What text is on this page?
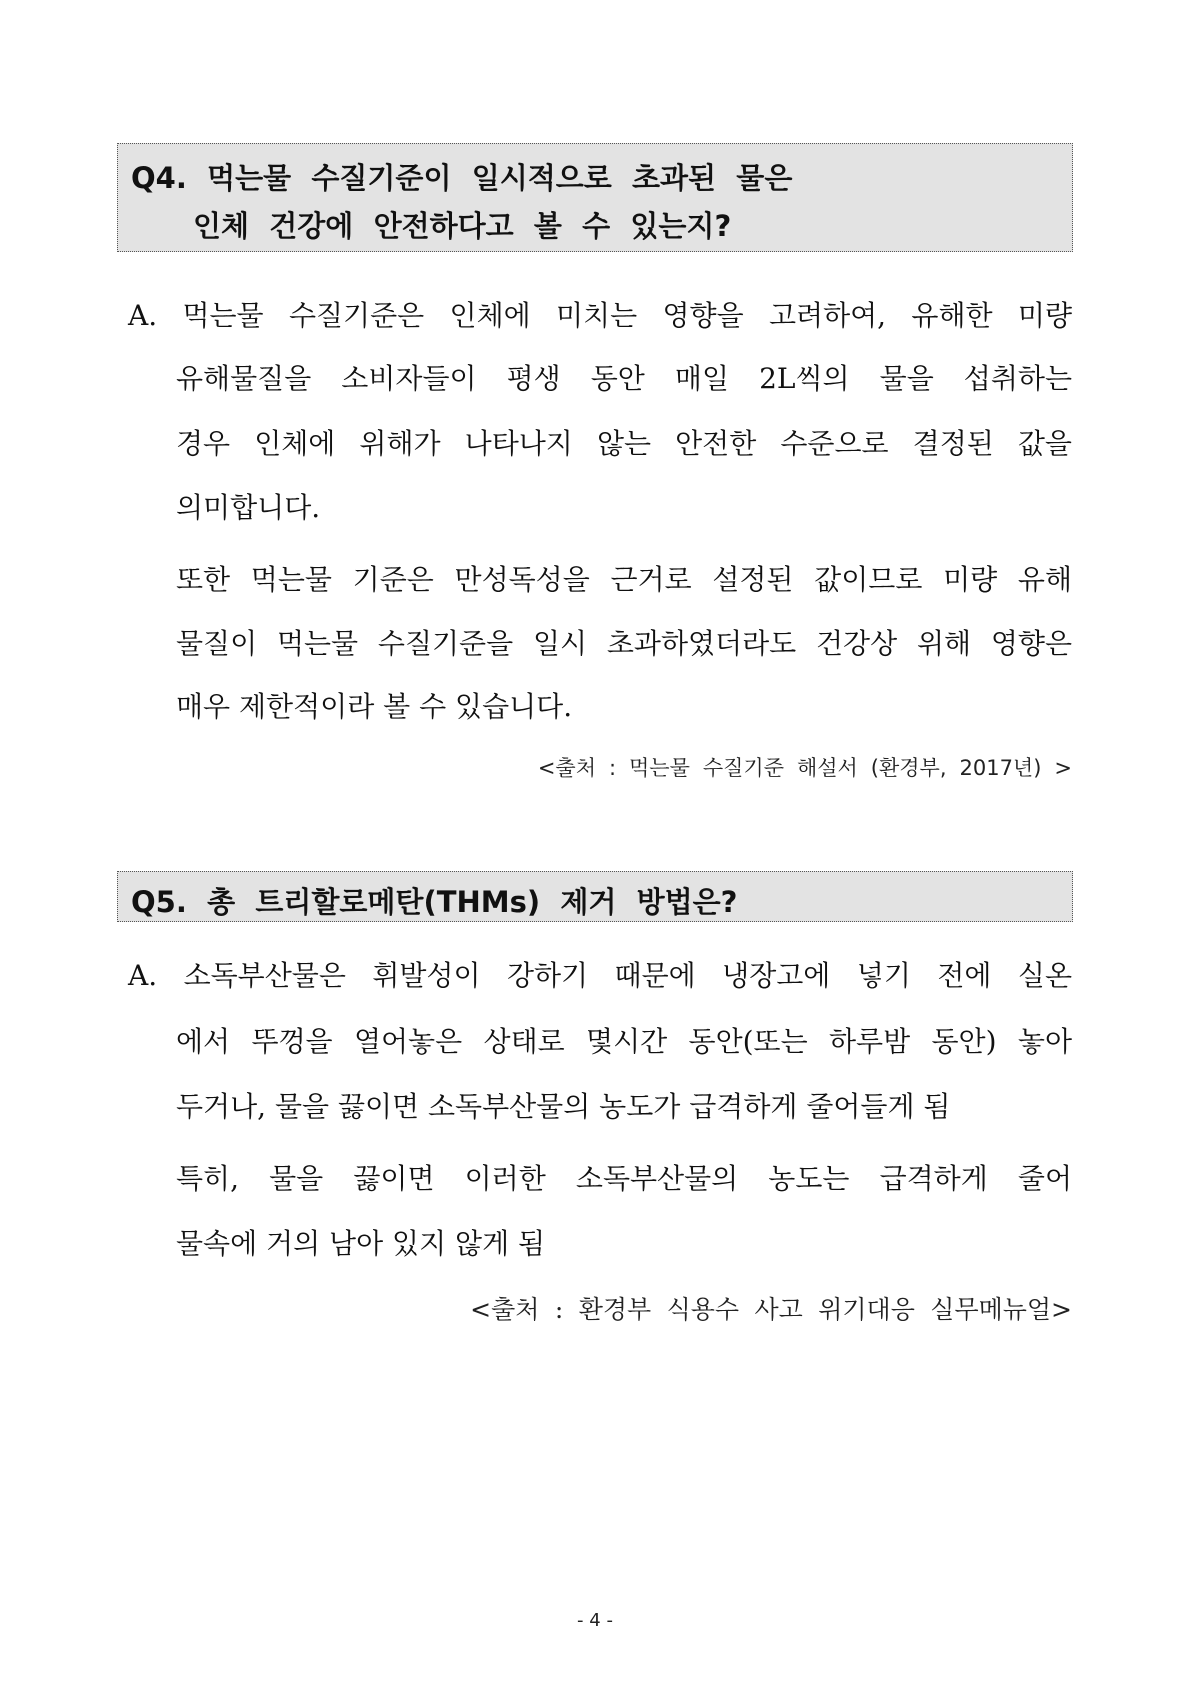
Q4. 먹는물 수질기준이 일시적으로 초과된 물은
인체 건강에 안전하다고 볼 수 있는지?
A. 먹는물 수질기준은 인체에 미치는 영향을 고려하여, 유해한 미량
유해물질을 소비자들이 평생 동안 매일 2L씩의 물을 섭취하는
경우 인체에 위해가 나타나지 않는 안전한 수준으로 결정된 값을
의미합니다.
또한 먹는물 기준은 만성독성을 근거로 설정된 값이므로 미량 유해
물질이 먹는물 수질기준을 일시 초과하였더라도 건강상 위해 영향은
매우 제한적이라 볼 수 있습니다.
<출처 : 먹는물 수질기준 해설서 (환경부, 2017년) >
Q5. 총 트리할로메탄(THMs) 제거 방법은?
A. 소독부산물은 휘발성이 강하기 때문에 냉장고에 넣기 전에 실온
에서 뚜껑을 열어놓은 상태로 몇시간 동안(또는 하루밤 동안) 놓아
두거나, 물을 끓이면 소독부산물의 농도가 급격하게 줄어들게 됨
특히, 물을 끓이면 이러한 소독부산물의 농도는 급격하게 줄어
물속에 거의 남아 있지 않게 됨
<출처 : 환경부 식용수 사고 위기대응 실무메뉴얼>
- 4 -
